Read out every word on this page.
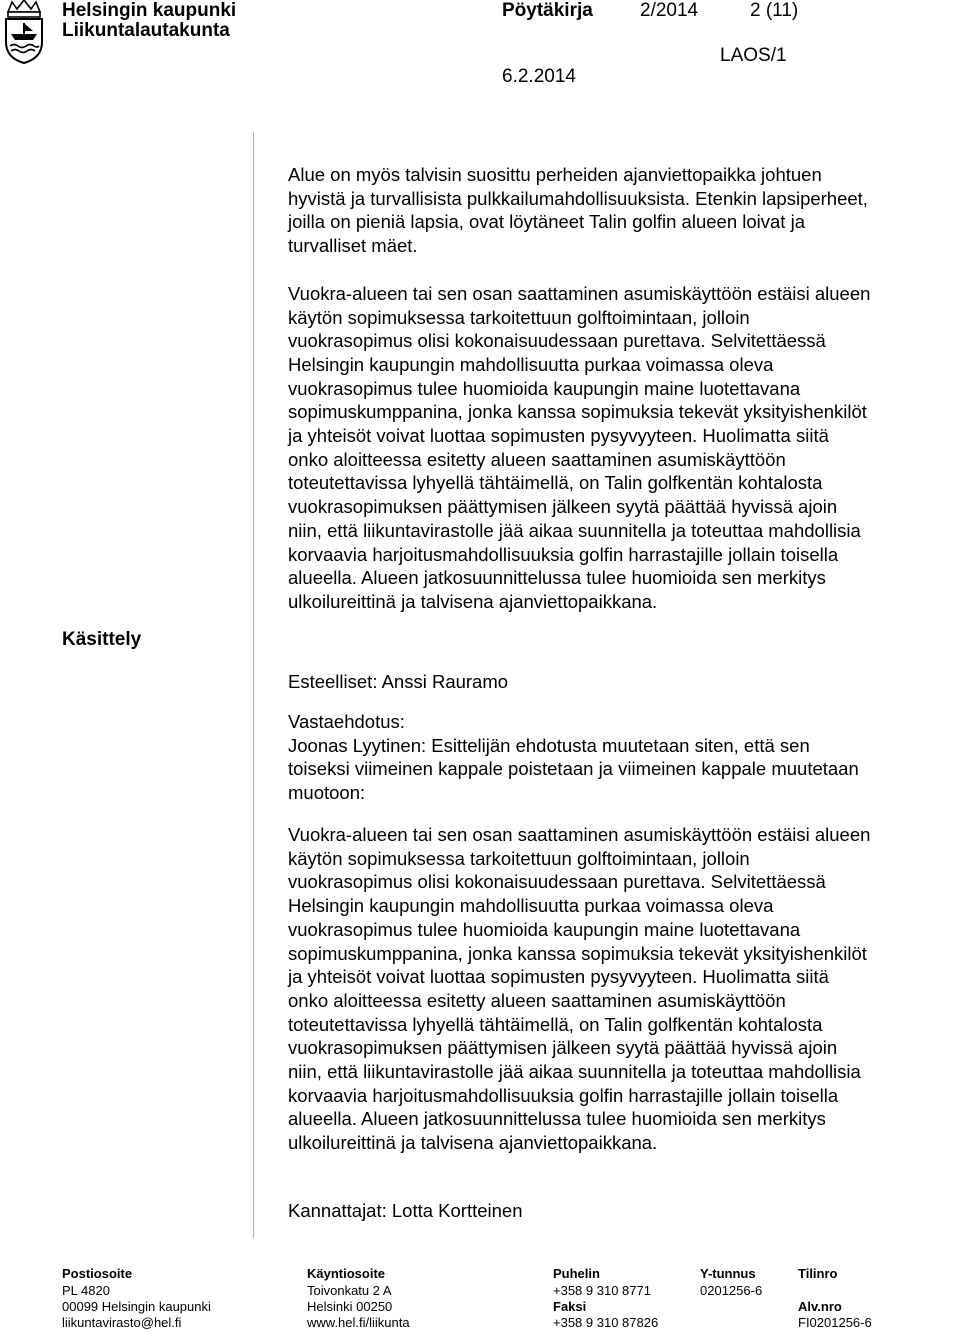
Helsingin kaupunki
Liikuntalautakunta
Pöytäkirja 2/2014	2 (11)
LAOS/1
6.2.2014
Käsittely

Alue on myös talvisin suosittu perheiden ajanviettopaikka johtuen
hyvistä ja turvallisista pulkkailumahdollisuuksista. Etenkin lapsiperheet,
joilla on pieniä lapsia, ovat löytäneet Talin golfin alueen loivat ja
turvalliset mäet.

Vuokra-alueen tai sen osan saattaminen asumiskäyttöön estäisi alueen
käytön sopimuksessa tarkoitettuun golftoimintaan, jolloin
vuokrasopimus olisi kokonaisuudessaan purettava. Selvitettäessä
Helsingin kaupungin mahdollisuutta purkaa voimassa oleva
vuokrasopimus tulee huomioida kaupungin maine luotettavana
sopimuskumppanina, jonka kanssa sopimuksia tekevät yksityishenkilöt
ja yhteisöt voivat luottaa sopimusten pysyvyyteen. Huolimatta siitä
onko aloitteessa esitetty alueen saattaminen asumiskäyttöön
toteutettavissa lyhyellä tähtäimellä, on Talin golfkentän kohtalosta
vuokrasopimuksen päättymisen jälkeen syytä päättää hyvissä ajoin
niin, että liikuntavirastolle jää aikaa suunnitella ja toteuttaa mahdollisia
korvaavia harjoitusmahdollisuuksia golfin harrastajille jollain toisella
alueella. Alueen jatkosuunnittelussa tulee huomioida sen merkitys
ulkoilureittinä ja talvisena ajanviettopaikkana.

Esteelliset: Anssi Rauramo
Vastaehdotus:
Joonas Lyytinen: Esittelijän ehdotusta muutetaan siten, että sen
toiseksi viimeinen kappale poistetaan ja viimeinen kappale muutetaan
muotoon:
Vuokra-alueen tai sen osan saattaminen asumiskäyttöön estäisi alueen
käytön sopimuksessa tarkoitettuun golftoimintaan, jolloin
vuokrasopimus olisi kokonaisuudessaan purettava. Selvitettäessä
Helsingin kaupungin mahdollisuutta purkaa voimassa oleva
vuokrasopimus tulee huomioida kaupungin maine luotettavana
sopimuskumppanina, jonka kanssa sopimuksia tekevät yksityishenkilöt
ja yhteisöt voivat luottaa sopimusten pysyvyyteen. Huolimatta siitä
onko aloitteessa esitetty alueen saattaminen asumiskäyttöön
toteutettavissa lyhyellä tähtäimellä, on Talin golfkentän kohtalosta
vuokrasopimuksen päättymisen jälkeen syytä päättää hyvissä ajoin
niin, että liikuntavirastolle jää aikaa suunnitella ja toteuttaa mahdollisia
korvaavia harjoitusmahdollisuuksia golfin harrastajille jollain toisella
alueella. Alueen jatkosuunnittelussa tulee huomioida sen merkitys
ulkoilureittinä ja talvisena ajanviettopaikkana.
Kannattajat: Lotta Kortteinen
Postiosoite
PL 4820
00099 Helsingin kaupunki
liikuntavirasto@hel.fi
Käyntiosoite
Toivonkatu 2 A
Helsinki 00250
www.hel.fi/liikunta
Puhelin
+358 9 310 8771
Faksi
+358 9 310 87826
Y-tunnus
0201256-6
Tilinro
Alv.nro
FI0201256-6
